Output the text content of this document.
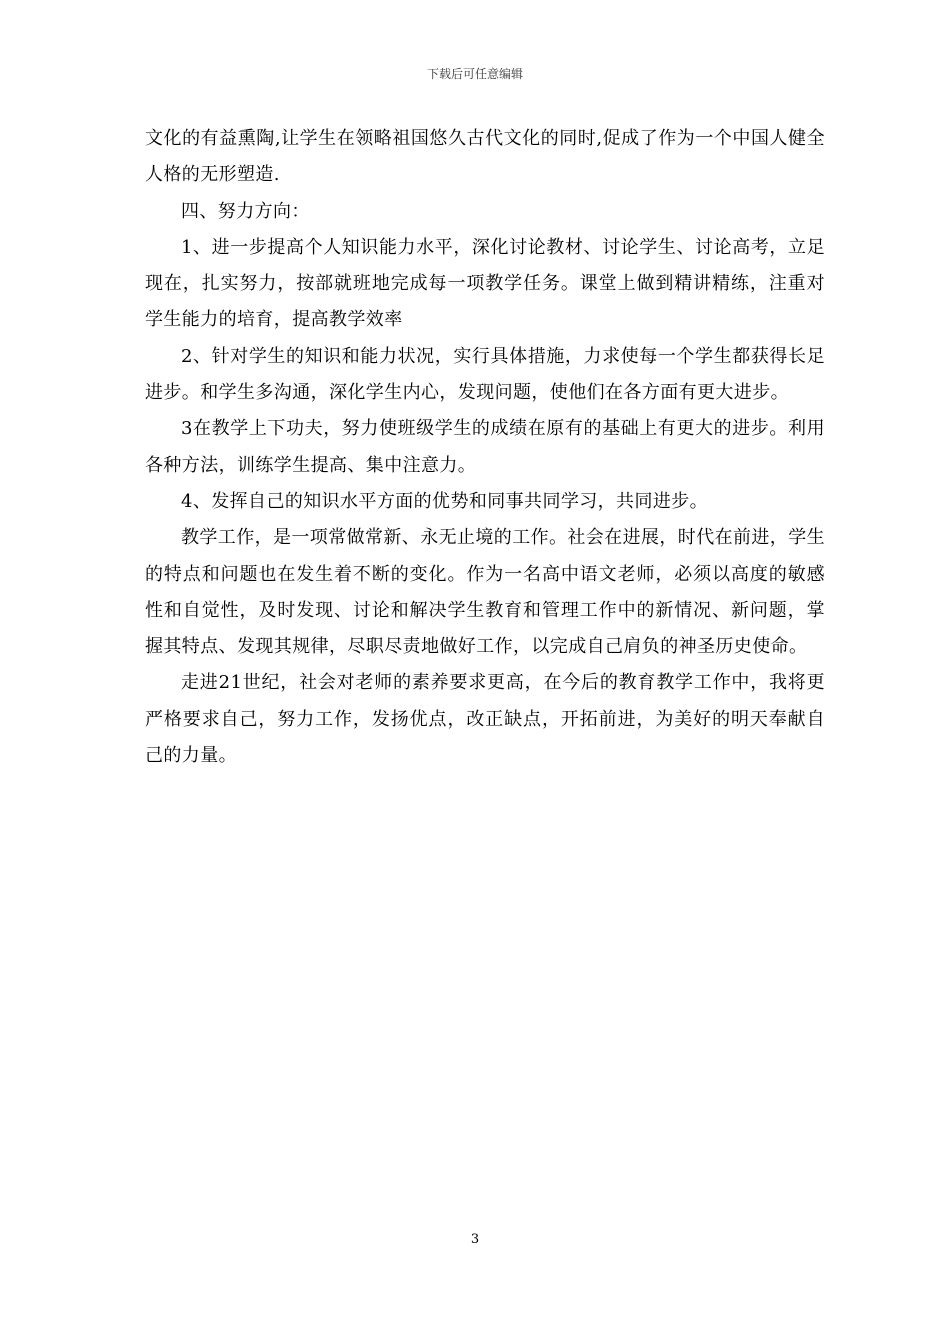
下载后可任意编辑

文化的有益熏陶,让学生在领略祖国悠久古代文化的同时,促成了作为一个中国人健全人格的无形塑造.

四、努力方向：

1、进一步提高个人知识能力水平，深化讨论教材、讨论学生、讨论高考，立足现在，扎实努力，按部就班地完成每一项教学任务。课堂上做到精讲精练，注重对学生能力的培育，提高教学效率

2、针对学生的知识和能力状况，实行具体措施，力求使每一个学生都获得长足进步。和学生多沟通，深化学生内心，发现问题，使他们在各方面有更大进步。

3在教学上下功夫，努力使班级学生的成绩在原有的基础上有更大的进步。利用各种方法，训练学生提高、集中注意力。

4、发挥自己的知识水平方面的优势和同事共同学习，共同进步。

教学工作，是一项常做常新、永无止境的工作。社会在进展，时代在前进，学生的特点和问题也在发生着不断的变化。作为一名高中语文老师，必须以高度的敏感性和自觉性，及时发现、讨论和解决学生教育和管理工作中的新情况、新问题，掌握其特点、发现其规律，尽职尽责地做好工作，以完成自己肩负的神圣历史使命。

走进21世纪，社会对老师的素养要求更高，在今后的教育教学工作中，我将更严格要求自己，努力工作，发扬优点，改正缺点，开拓前进，为美好的明天奉献自己的力量。

3
